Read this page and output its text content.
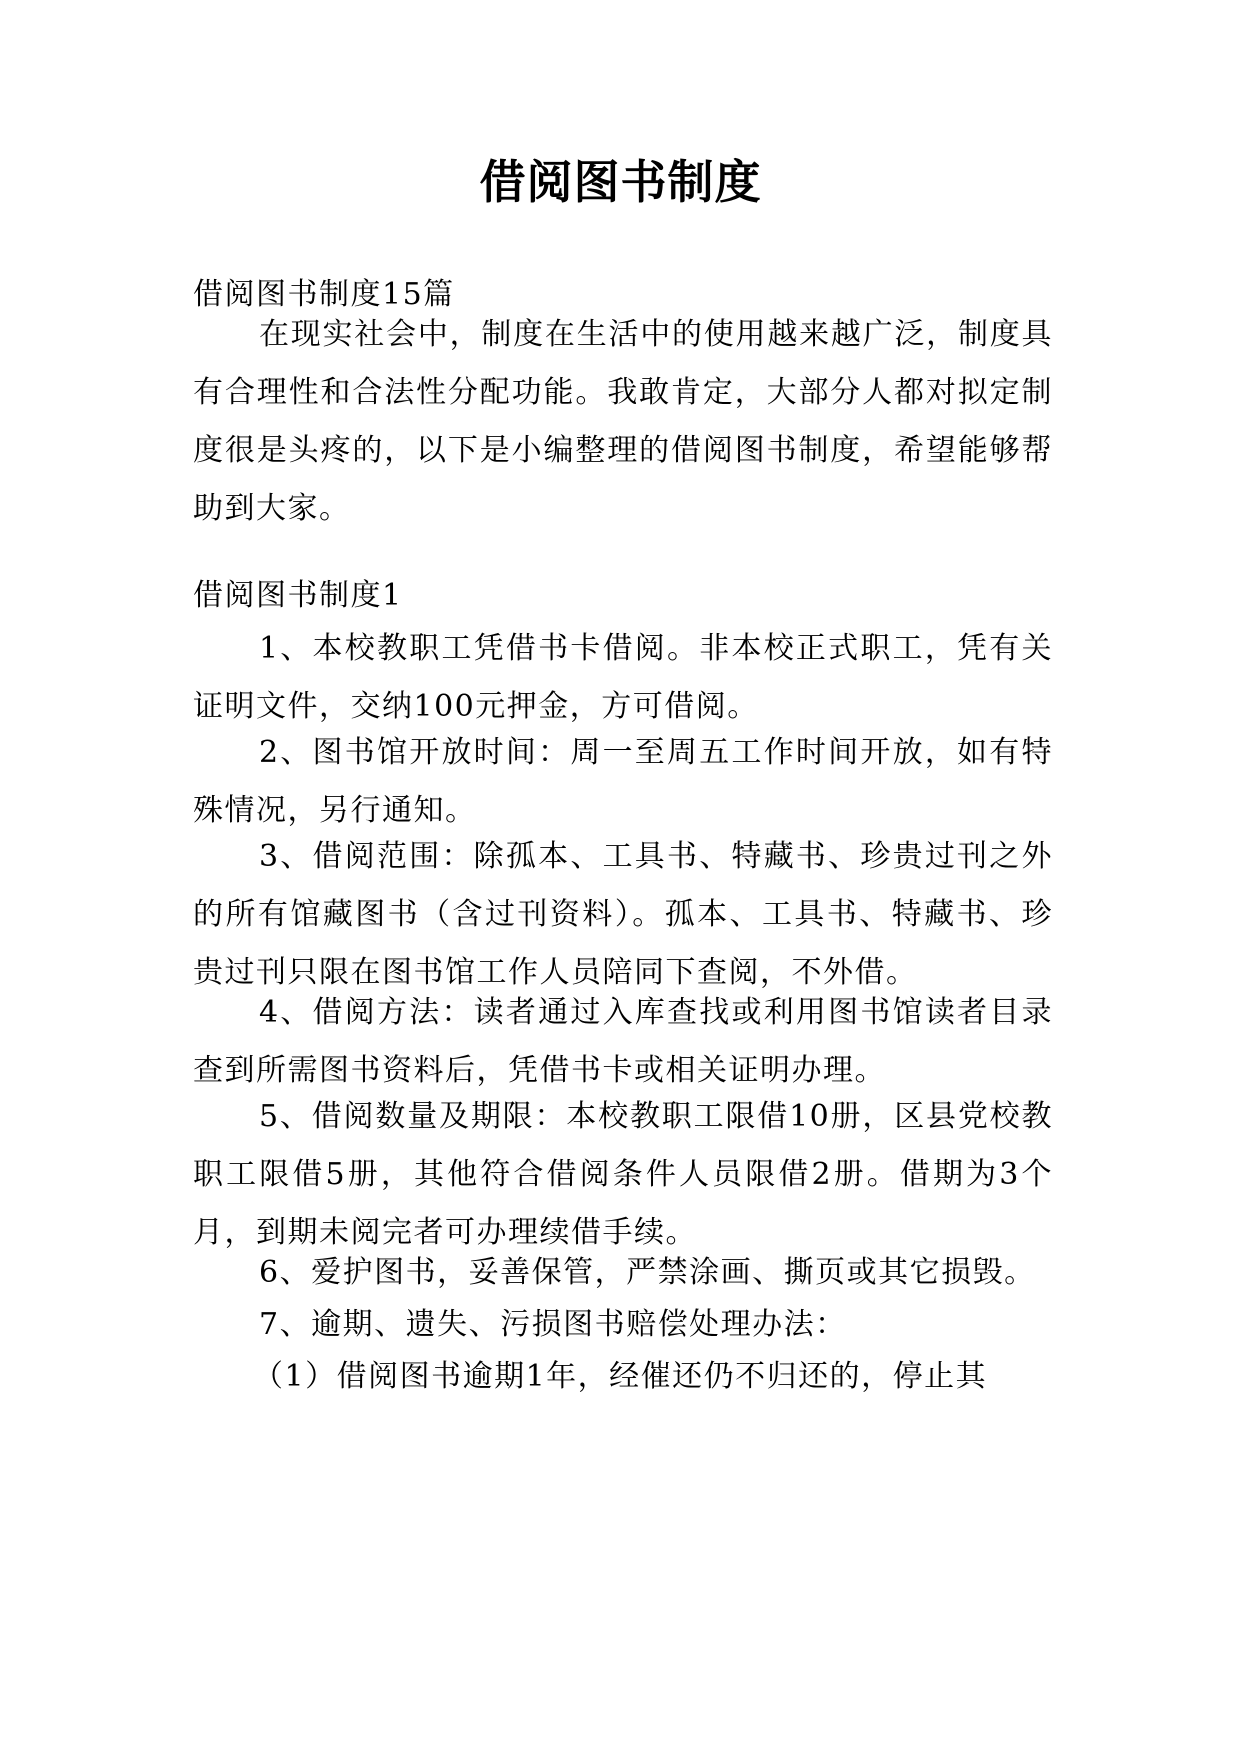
借阅图书制度

借阅图书制度15篇

在现实社会中，制度在生活中的使用越来越广泛，制度具有合理性和合法性分配功能。我敢肯定，大部分人都对拟定制度很是头疼的，以下是小编整理的借阅图书制度，希望能够帮助到大家。

借阅图书制度1

1、本校教职工凭借书卡借阅。非本校正式职工，凭有关证明文件，交纳100元押金，方可借阅。

2、图书馆开放时间：周一至周五工作时间开放，如有特殊情况，另行通知。

3、借阅范围：除孤本、工具书、特藏书、珍贵过刊之外的所有馆藏图书（含过刊资料）。孤本、工具书、特藏书、珍贵过刊只限在图书馆工作人员陪同下查阅，不外借。

4、借阅方法：读者通过入库查找或利用图书馆读者目录查到所需图书资料后，凭借书卡或相关证明办理。

5、借阅数量及期限：本校教职工限借10册，区县党校教职工限借5册，其他符合借阅条件人员限借2册。借期为3个月，到期未阅完者可办理续借手续。

6、爱护图书，妥善保管，严禁涂画、撕页或其它损毁。

7、逾期、遗失、污损图书赔偿处理办法：

（1）借阅图书逾期1年，经催还仍不归还的，停止其
